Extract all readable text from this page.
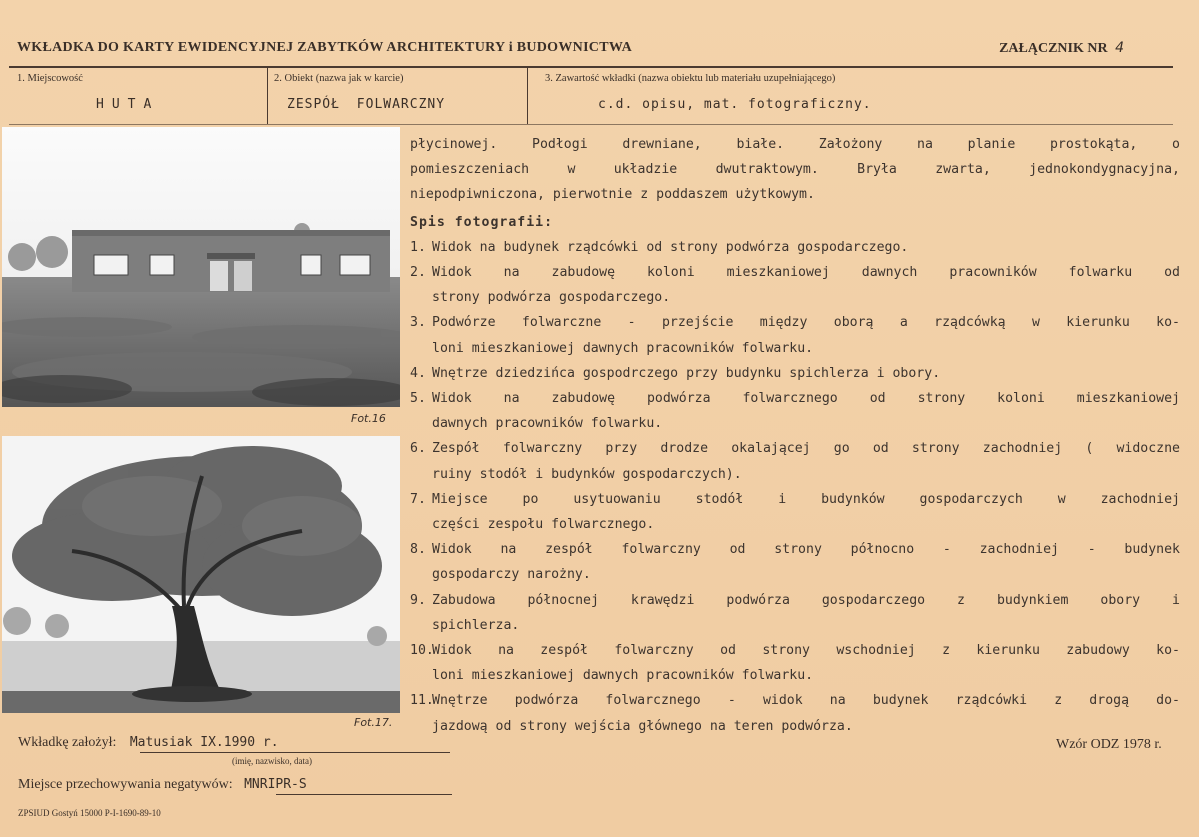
WKŁADKA DO KARTY EWIDENCYJNEJ ZABYTKÓW ARCHITEKTURY i BUDOWNICTWA	ZAŁĄCZNIK NR 4
1. Miejscowość
HUTA
2. Obiekt (nazwa jak w karcie)
ZESPÓŁ FOLWARCZNY
3. Zawartość wkładki (nazwa obiektu lub materiału uzupełniającego)
c.d. opisu, mat. fotograficzny.
Fot.16
Fot.17.

płycinowej. Podłogi drewniane, białe. Założony na planie prostokąta, o

pomieszczeniach w układzie dwutraktowym. Bryła zwarta, jednokondygnacyjna,

niepodpiwniczona, pierwotnie z poddaszem użytkowym.

Spis fotografii:

1. Widok na budynek rządcówki od strony podwórza gospodarczego.
2. Widok na zabudowę koloni mieszkaniowej dawnych pracowników folwarku od
strony podwórza gospodarczego.
3. Podwórze folwarczne - przejście między oborą a rządcówką w kierunku ko-
loni mieszkaniowej dawnych pracowników folwarku.
4. Wnętrze dziedzińca gospodrczego przy budynku spichlerza i obory.
5. Widok na zabudowę podwórza folwarcznego od strony koloni mieszkaniowej
dawnych pracowników folwarku.
6. Zespół folwarczny przy drodze okalającej go od strony zachodniej ( widoczne
ruiny stodół i budynków gospodarczych).
7. Miejsce po usytuowaniu stodół i budynków gospodarczych w zachodniej
części zespołu folwarcznego.
8. Widok na zespół folwarczny od strony północno - zachodniej - budynek
gospodarczy narożny.
9. Zabudowa północnej krawędzi podwórza gospodarczego z budynkiem obory i
spichlerza.
10.
Widok na zespół folwarczny od strony wschodniej z kierunku zabudowy ko-
loni mieszkaniowej dawnych pracowników folwarku.
11.
Wnętrze podwórza folwarcznego - widok na budynek rządcówki z drogą do-
jazdową od strony wejścia głównego na teren podwórza.
Wkładkę założył: Matusiak IX.1990 r.
(imię, nazwisko, data)
Wzór ODZ 1978 r.
Miejsce przechowywania negatywów: MNRIPR-S
ZPSIUD Gostyń 15000 P-I-1690-89-10
